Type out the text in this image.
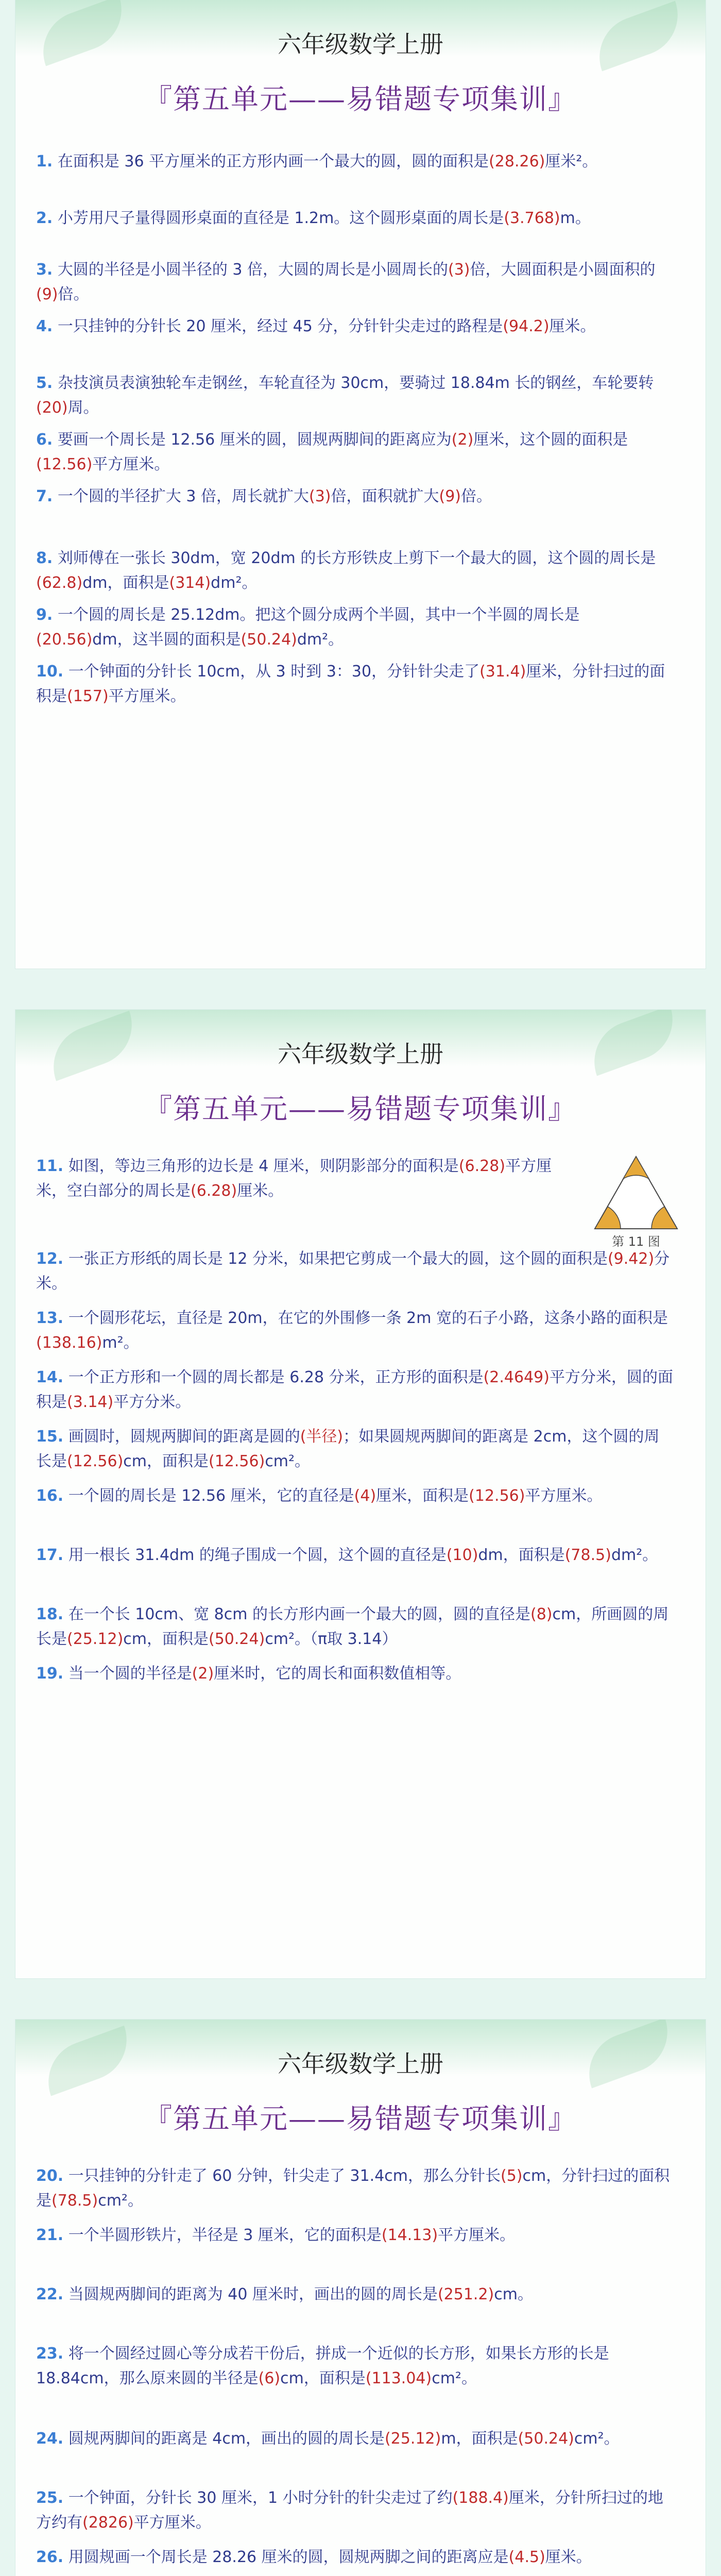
六年级数学上册
『第五单元——易错题专项集训』
1. 在面积是 36 平方厘米的正方形内画一个最大的圆，圆的面积是(28.26)厘米²。
2. 小芳用尺子量得圆形桌面的直径是 1.2m。这个圆形桌面的周长是(3.768)m。
3. 大圆的半径是小圆半径的 3 倍，大圆的周长是小圆周长的(3)倍，大圆面积是小圆面积的(9)倍。
4. 一只挂钟的分针长 20 厘米，经过 45 分，分针针尖走过的路程是(94.2)厘米。
5. 杂技演员表演独轮车走钢丝，车轮直径为 30cm，要骑过 18.84m 长的钢丝，车轮要转(20)周。
6. 要画一个周长是 12.56 厘米的圆，圆规两脚间的距离应为(2)厘米，这个圆的面积是(12.56)平方厘米。
7. 一个圆的半径扩大 3 倍，周长就扩大(3)倍，面积就扩大(9)倍。
8. 刘师傅在一张长 30dm，宽 20dm 的长方形铁皮上剪下一个最大的圆，这个圆的周长是(62.8)dm，面积是(314)dm²。
9. 一个圆的周长是 25.12dm。把这个圆分成两个半圆，其中一个半圆的周长是(20.56)dm，这半圆的面积是(50.24)dm²。
10. 一个钟面的分针长 10cm，从 3 时到 3：30，分针针尖走了(31.4)厘米，分针扫过的面积是(157)平方厘米。
六年级数学上册
『第五单元——易错题专项集训』
11. 如图，等边三角形的边长是 4 厘米，则阴影部分的面积是(6.28)平方厘米，空白部分的周长是(6.28)厘米。
第 11 图
12. 一张正方形纸的周长是 12 分米，如果把它剪成一个最大的圆，这个圆的面积是(9.42)分米。
13. 一个圆形花坛，直径是 20m，在它的外围修一条 2m 宽的石子小路，这条小路的面积是(138.16)m²。
14. 一个正方形和一个圆的周长都是 6.28 分米，正方形的面积是(2.4649)平方分米，圆的面积是(3.14)平方分米。
15. 画圆时，圆规两脚间的距离是圆的(半径)；如果圆规两脚间的距离是 2cm，这个圆的周长是(12.56)cm，面积是(12.56)cm²。
16. 一个圆的周长是 12.56 厘米，它的直径是(4)厘米，面积是(12.56)平方厘米。
17. 用一根长 31.4dm 的绳子围成一个圆，这个圆的直径是(10)dm，面积是(78.5)dm²。
18. 在一个长 10cm、宽 8cm 的长方形内画一个最大的圆，圆的直径是(8)cm，所画圆的周长是(25.12)cm，面积是(50.24)cm²。（π取 3.14）
19. 当一个圆的半径是(2)厘米时，它的周长和面积数值相等。
六年级数学上册
『第五单元——易错题专项集训』
20. 一只挂钟的分针走了 60 分钟，针尖走了 31.4cm，那么分针长(5)cm，分针扫过的面积是(78.5)cm²。
21. 一个半圆形铁片，半径是 3 厘米，它的面积是(14.13)平方厘米。
22. 当圆规两脚间的距离为 40 厘米时，画出的圆的周长是(251.2)cm。
23. 将一个圆经过圆心等分成若干份后，拼成一个近似的长方形，如果长方形的长是 18.84cm，那么原来圆的半径是(6)cm，面积是(113.04)cm²。
24. 圆规两脚间的距离是 4cm，画出的圆的周长是(25.12)m，面积是(50.24)cm²。
25. 一个钟面，分针长 30 厘米，1 小时分针的针尖走过了约(188.4)厘米，分针所扫过的地方约有(2826)平方厘米。
26. 用圆规画一个周长是 28.26 厘米的圆，圆规两脚之间的距离应是(4.5)厘米。
